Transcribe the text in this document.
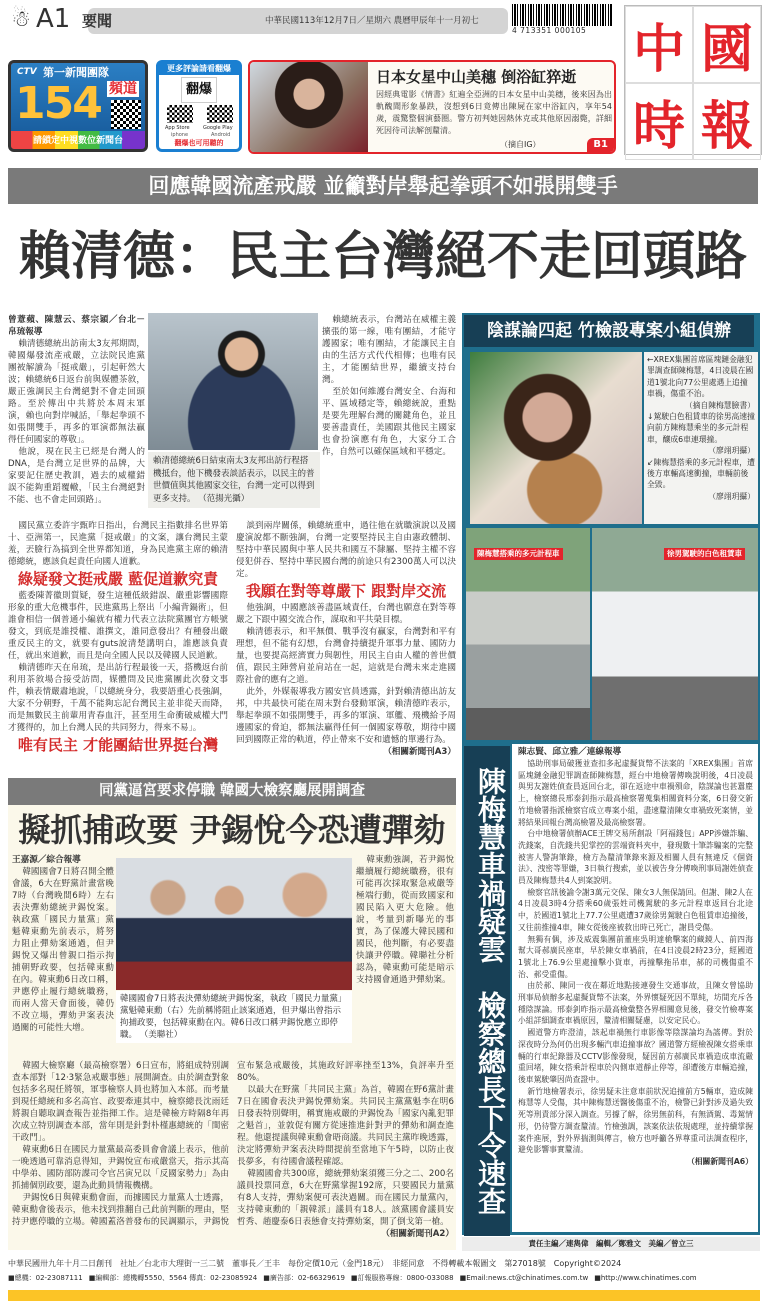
☃ A1 要聞	中華民國113年12月7日／星期六 農曆甲辰年十一月初七
4 713351 000105 中 國
時 報
CTV 第一新聞團隊
154 頻道
請鎖定中視數位新聞台
更多評論請看翻爆
翻爆
App Store	Google Play
iphone	Android
翻爆也可用聽的
日本女星中山美穗 倒浴缸猝逝
因經典電影《情書》紅遍全亞洲的日本女星中山美穗，後來因為出軌醜聞形象暴跌，沒想到6日竟傳出陳屍在家中浴缸內，享年54歲，震驚整個演藝圈。警方初判她因熱休克或其他原因溺斃，詳細死因待司法解剖釐清。
（摘自IG）	B1
回應韓國流產戒嚴 並籲對岸舉起拳頭不如張開雙手
賴清德：民主台灣絕不走回頭路
曾薏蘋、陳慧云、蔡宗穎／台北－帛琉報導

賴清德總統出訪南太3友邦期間，韓國爆發流產戒嚴，立法院民進黨團被解讀為「挺戒嚴」，引起軒然大波；賴總統6日返台前與媒體茶敘，嚴正強調民主台灣絕對不會走回頭路。至於傳出中共將於本周末軍演，賴也向對岸喊話，「舉起拳頭不如張開雙手，再多的軍演都無法贏得任何國家的尊敬」。

他說，現在民主已經是台灣人的DNA，是台灣立足世界的品牌，大家要記住歷史教訓，過去的威權錯誤不能夠重蹈覆轍，「民主台灣絕對不能、也不會走回頭路」。

賴清德總統6日結束南太3友邦出訪行程搭機抵台，他下機發表談話表示，以民主的普世價值與其他國家交往，台灣一定可以得到更多支持。 （范揚光攝）

賴總統表示，台灣站在威權主義擴張的第一線，唯有團結，才能守護國家；唯有團結，才能讓民主自由的生活方式代代相傳；也唯有民主，才能團結世界，繼續支持台灣。

至於如何維護台灣安全、台海和平、區域穩定等，賴總統說，重點是要先理解台灣的關鍵角色，並且要善盡責任，美國跟其他民主國家也會扮演應有角色，大家分工合作，自然可以確保區域和平穩定。

國民黨立委許宇甄昨日指出，台灣民主指數排名世界第十、亞洲第一，民進黨「挺戒嚴」的文案，讓台灣民主蒙羞，丟臉行為搞到全世界都知道，身為民進黨主席的賴清德總統，應該負起責任向國人道歉。

綠疑發文挺戒嚴 藍促道歉究責

藍委陳菁徽則質疑，發生這種低級錯誤、嚴重影響國際形象的重大危機事件，民進黨馬上祭出「小編背鍋術」，但誰會相信一個普通小編就有權力代表立法院黨團官方帳號發文，到底是誰授權、誰撰文，誰同意發出？有種發出嚴重反民主的文，就要有guts說清楚講明白，誰應該負責任，就出來道歉，而且是向全國人民以及韓國人民道歉。

賴清德昨天在帛琉，是出訪行程最後一天，搭機返台前利用茶敘場合接受訪問，媒體問及民進黨團此次發文事件，賴表情嚴肅地說，「以總統身分，我要語重心長強調，大家不分朝野，千萬不能夠忘記台灣民主並非從天而降，而是無數民主前輩用青春血汗，甚至用生命衝破威權大門才獲得的，加上台灣人民的共同努力，得來不易」。

唯有民主 才能團結世界挺台灣

談到兩岸關係，賴總統重申，過往他在就職演說以及國慶演說都不斷強調，台灣一定要堅持民主自由憲政體制、堅持中華民國與中華人民共和國互不隸屬、堅持主權不容侵犯併吞、堅持中華民國台灣的前途只有2300萬人可以決定。

我願在對等尊嚴下 跟對岸交流

他強調，中國應該善盡區域責任，台灣也願意在對等尊嚴之下跟中國交流合作，謀取和平共榮目標。

賴清德表示，和平無價、戰爭沒有贏家，台灣對和平有理想，但不能有幻想，台灣會持續提升軍事力量、國防力量，也要提高經濟實力與韌性，用民主自由人權的普世價值，跟民主陣營肩並肩站在一起，這就是台灣未來走進國際社會的應有之道。

此外，外媒報導我方國安官員透露，針對賴清德出訪友邦，中共最快可能在周末對台發動軍演，賴清德昨表示，舉起拳頭不如張開雙手，再多的軍演、軍艦、飛機給予周邊國家的脅迫，都無法贏得任何一個國家尊敬，期待中國回到國際正常的軌道，停止帶來不安和遺憾的單邊行為。

（相關新聞刊A3）
同黨逼宮要求停職 韓國大檢察廳展開調查
擬抓捕政要 尹錫悅今恐遭彈劾
王嘉源／綜合報導

韓國國會7日將召開全體會議，6大在野黨計畫當晚7時（台灣晚間6時）左右表決彈劾總統尹錫悅案。執政黨「國民力量黨」黨魁韓東勳先前表示，將努力阻止彈劾案通過，但尹錫悅又爆出曾親口指示拘捕朝野政要，包括韓東勳在內。韓東勳6日改口稱，尹應停止履行總統職務，而兩人當天會面後，韓仍不改立場，彈劾尹案表決過關的可能性大增。

韓國國會7日將表決彈劾總統尹錫悅案，執政「國民力量黨」黨魁韓東勳（右）先前稱將阻止該案通過，但尹爆出曾指示拘捕政要，包括韓東勳在內。韓6日改口稱尹錫悅應立即停職。 （美聯社）

韓東勳強調，若尹錫悅繼續履行總統職務，很有可能再次採取緊急戒嚴等極端行動，從而致國家和國民陷入更大危險。他說，考量到新曝光的事實，為了保護大韓民國和國民，他判斷，有必要盡快讓尹停職。韓聯社分析認為，韓東勳可能是暗示支持國會通過尹彈劾案。

韓國大檢察廳（最高檢察署）6日宣布，將組成特別調查本部對「12·3緊急戒嚴事態」展開調查。由於調查對象包括多名現任將領，軍事檢察人員也將加入本部。而考量到現任總統和多名高官、政要牽連其中，檢察總長沈雨廷將親自聽取調查報告並指揮工作。這是韓檢方時隔8年再次成立特別調查本部，當年則是針對朴槿惠總統的「閨密干政門」。

韓東勳6日在國民力量黨最高委員會會議上表示，他前一晚透過可靠消息得知，尹錫悅宣布戒嚴當天，指示其高中學弟、國防部防諜司令官呂寅兄以「反國家勢力」為由抓捕個別政要，還為此動員情報機構。

尹錫悅6日與韓東勳會面，而據國民力量黨人士透露，韓東勳會後表示，他未找到推翻自己此前判斷的理由，堅持尹應停職的立場。韓國蓋洛普發布的民調顯示，尹錫悅宣布緊急戒嚴後，其施政好評率挫至13%，負評率升至80%。

以最大在野黨「共同民主黨」為首，韓國在野6黨計畫7日在國會表決尹錫悅彈劾案。共同民主黨黨魁李在明6日發表特別聲明，稱實施戒嚴的尹錫悅為「國家內亂犯罪之魁首」，並敦促有關方從速推進針對尹的彈劾和調查進程。他還提議與韓東勳會晤商議。共同民主黨昨晚透露，決定將彈劾尹案表決時間提前至當地下午5時，以防止夜長夢多，有待國會議程確認。

韓國國會共300席，總統彈劾案須獲三分之二、200名議員投票同意，6大在野黨掌握192席，只要國民力量黨有8人支持，彈劾案便可表決過關。而在國民力量黨內，支持韓東勳的「親韓派」議員有18人。該黨國會議員安哲秀、趙慶泰6日表態會支持彈劾案，開了倒戈第一槍。

（相關新聞刊A2）
陰謀論四起 竹檢設專案小組偵辦
←XREX集團首席區塊鏈金融犯罪調查師陳梅慧，4日凌晨在國道1號北向77公里處遇上追撞車禍，傷重不治。
（摘自陳梅慧臉書）
↓駕駛白色租賃車的徐男高速撞向前方陳梅慧乘坐的多元計程車，釀成6車連環撞。
（廖翊玥攝）
↙陳梅慧搭乘的多元計程車，遭後方車輛高速衝撞，車輛前後全毀。
（廖翊玥攝）
陳梅慧搭乘的多元計程車	徐男駕駛的白色租賃車
陳梅慧車禍疑雲　檢察總長下令速查
陳志賢、邱立雅／連線報導

協助刑事局破獲並查扣多起虛擬貨幣不法案的「XREX集團」首席區塊鏈金融犯罪調查師陳梅慧，經台中地檢署傳喚說明後，4日凌晨與男友謝姓偵查員返回台北，卻在返途中車禍殞命，陰謀論也甚囂塵上，檢察總長邢泰釗指示最高檢察署蒐集相關資料分案，6日發交新竹地檢署指派檢察官成立專案小組，盡速釐清陳女車禍致死案情，並將結果回報台灣高檢署及最高檢察署。

台中地檢署偵辦ACE王牌交易所創設「阿福錢包」APP涉嫌詐騙、洗錢案，自洗錢共犯掌控的雲端資料夾中，發現數十筆詐騙案的完整被害人警詢筆錄，檢方為釐清筆錄來源及相關人員有無違反《個資法》、洩密等罪嫌，3日執行搜索，並以被告身分傳喚刑事局謝姓偵查員及陳梅慧共4人到案說明。

檢察官訊後諭令謝3萬元交保、陳女3人無保請回。但謝、陳2人在4日凌晨3時4分搭乘60歲張姓司機駕駛的多元計程車返回台北途中，於國道1號北上77.7公里處遭37歲徐男駕駛白色租賃車追撞後，又往前推撞4車，陳女從後座被救出時已死亡，謝員受傷。

無獨有偶，涉及威震集團前董座吳明達槍擊案的藏鏡人、前四海幫大哥郝廣民座車，早於陳女車禍前，在4日凌晨2時23分，經國道1號北上76.9公里處撞擊小貨車，再撞擊拖吊車，郝的司機傷重不治、郝受重傷。

由於郝、陳同一夜在鄰近地點接連發生交通事故，且陳女曾協助刑事局偵辦多起虛擬貨幣不法案，外界懷疑死因不單純，坊間充斥各種陰謀論。邢泰釗昨指示最高檢彙整各界相關意見後，發交竹檢專案小組詳細調查車禍原因，釐清相關疑慮，以安定民心。

國道警方昨澄清，該起車禍無行車影像等陰謀論均為謠傳。對於深夜時分為何仍出現多輛汽車追撞事故？國道警方經檢視陳女搭乘車輛的行車紀錄器及CCTV影像發現，疑因前方郝廣民車禍造成車流嚴重回堵，陳女搭乘計程車於內側車道靜止停等，卻遭後方車輛追撞，後車駕駛肇因尚查證中。

新竹地檢署表示，徐男疑未注意車前狀況追撞前方5輛車，造成陳梅慧等人受傷，其中陳梅慧送醫後傷重不治，檢警已針對涉及過失致死等刑責部分深入調查。另據了解，徐男無前科，有無酒駕、毒駕情形，仍待警方調查釐清。竹檢強調，該案依法依規處理，並持續掌握案件進展，對外界揣測與傳言，檢方也呼籲各界尊重司法調查程序，避免影響事實釐清。

（相關新聞刊A6）
責任主編／連雋偉　編輯／鄭雅文　美編／曾立三
中華民國卅九年十月二日創刊　社址／台北市大理街一三二號　董事長／王丰　每份定價10元（金門18元）　非經同意　不得轉載本報圖文　第27018號　Copyright©2024
■總機：02-23087111 ■編輯部：總機轉5550、5564 傳真：02-23085924 ■廣告部：02-66329619 ■訂報服務專線：0800-033088 ■Email:news.ct@chinatimes.com.tw ■http://www.chinatimes.com
